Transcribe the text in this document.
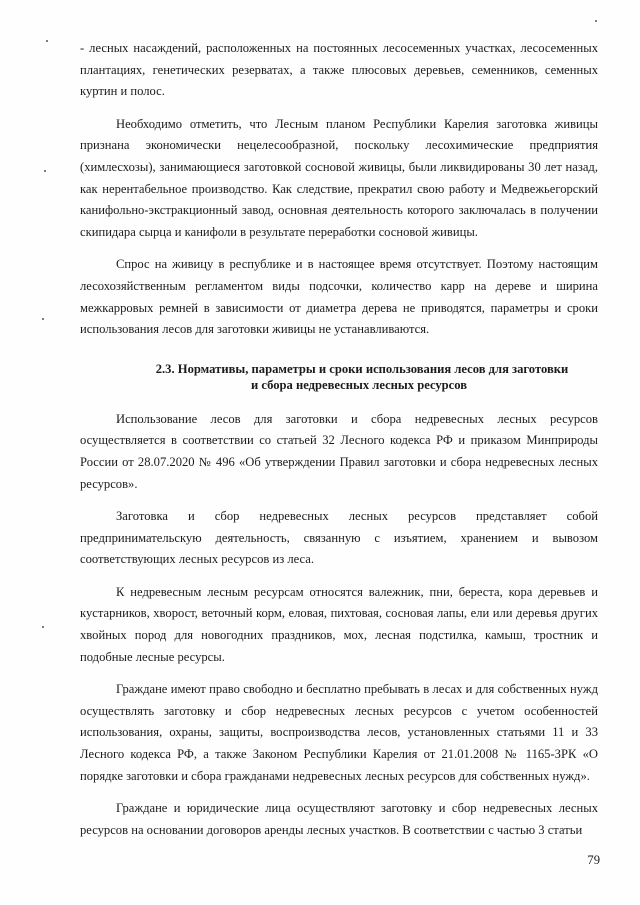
- лесных насаждений, расположенных на постоянных лесосеменных участках, лесосеменных плантациях, генетических резерватах, а также плюсовых деревьев, семенников, семенных куртин и полос.

Необходимо отметить, что Лесным планом Республики Карелия заготовка живицы признана экономически нецелесообразной, поскольку лесохимические предприятия (химлесхозы), занимающиеся заготовкой сосновой живицы, были ликвидированы 30 лет назад, как нерентабельное производство. Как следствие, прекратил свою работу и Медвежьегорский канифольно-экстракционный завод, основная деятельность которого заключалась в получении скипидара сырца и канифоли в результате переработки сосновой живицы.

Спрос на живицу в республике и в настоящее время отсутствует. Поэтому настоящим лесохозяйственным регламентом виды подсочки, количество карр на дереве и ширина межкарровых ремней в зависимости от диаметра дерева не приводятся, параметры и сроки использования лесов для заготовки живицы не устанавливаются.

2.3. Нормативы, параметры и сроки использования лесов для заготовки
и сбора недревесных лесных ресурсов

Использование лесов для заготовки и сбора недревесных лесных ресурсов осуществляется в соответствии со статьей 32 Лесного кодекса РФ и приказом Минприроды России от 28.07.2020 № 496 «Об утверждении Правил заготовки и сбора недревесных лесных ресурсов».

Заготовка и сбор недревесных лесных ресурсов представляет собой предпринимательскую деятельность, связанную с изъятием, хранением и вывозом соответствующих лесных ресурсов из леса.

К недревесным лесным ресурсам относятся валежник, пни, береста, кора деревьев и кустарников, хворост, веточный корм, еловая, пихтовая, сосновая лапы, ели или деревья других хвойных пород для новогодних праздников, мох, лесная подстилка, камыш, тростник и подобные лесные ресурсы.

Граждане имеют право свободно и бесплатно пребывать в лесах и для собственных нужд осуществлять заготовку и сбор недревесных лесных ресурсов с учетом особенностей использования, охраны, защиты, воспроизводства лесов, установленных статьями 11 и 33 Лесного кодекса РФ, а также Законом Республики Карелия от 21.01.2008 № 1165-ЗРК «О порядке заготовки и сбора гражданами недревесных лесных ресурсов для собственных нужд».

Граждане и юридические лица осуществляют заготовку и сбор недревесных лесных ресурсов на основании договоров аренды лесных участков. В соответствии с частью 3 статьи

79
